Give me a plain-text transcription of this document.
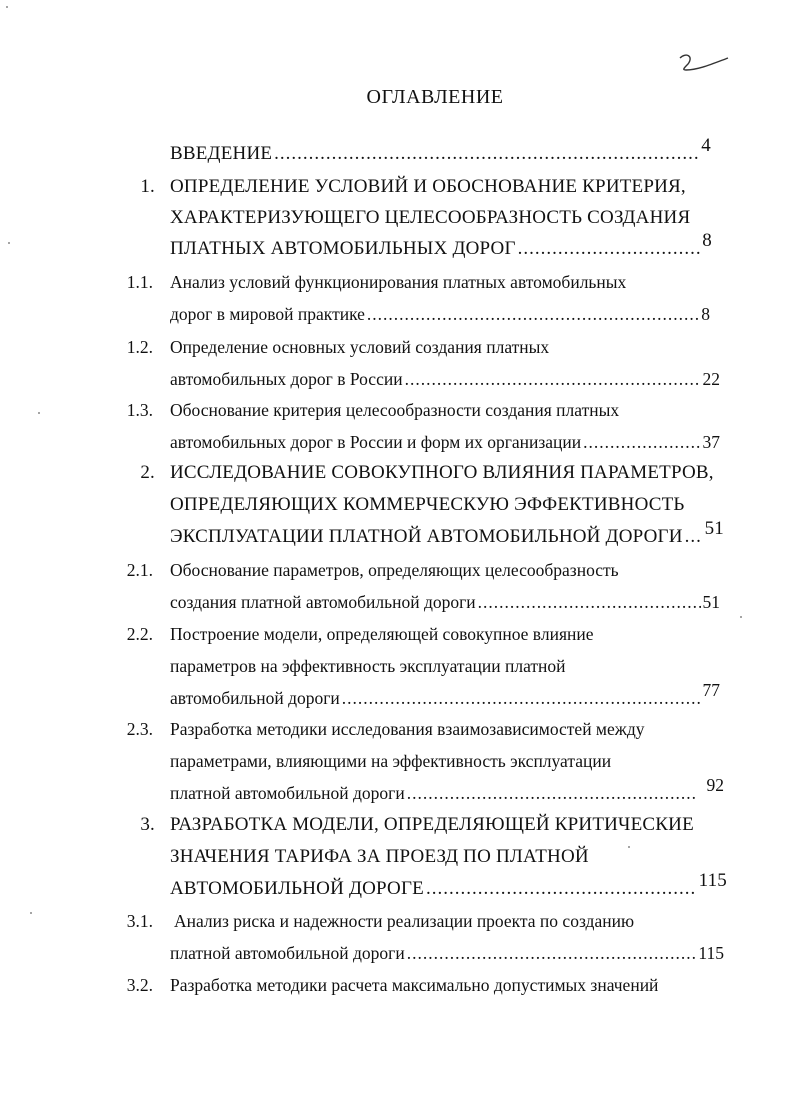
ОГЛАВЛЕНИЕ
ВВЕДЕНИЕ .....	4
1. ОПРЕДЕЛЕНИЕ УСЛОВИЙ И ОБОСНОВАНИЕ КРИТЕРИЯ,
ХАРАКТЕРИЗУЮЩЕГО ЦЕЛЕСООБРАЗНОСТЬ СОЗДАНИЯ
ПЛАТНЫХ АВТОМОБИЛЬНЫХ ДОРОГ .....	8
1.1. Анализ условий функционирования платных автомобильных
дорог в мировой практике .....	8
1.2. Определение основных условий создания платных
автомобильных дорог в России .....	22
1.3. Обоснование критерия целесообразности создания платных
автомобильных дорог в России и форм их организации .....	37
2. ИССЛЕДОВАНИЕ СОВОКУПНОГО ВЛИЯНИЯ ПАРАМЕТРОВ,
ОПРЕДЕЛЯЮЩИХ КОММЕРЧЕСКУЮ ЭФФЕКТИВНОСТЬ
ЭКСПЛУАТАЦИИ ПЛАТНОЙ АВТОМОБИЛЬНОЙ ДОРОГИ ..... 51
2.1. Обоснование параметров, определяющих целесообразность
создания платной автомобильной дороги .....	51
2.2. Построение модели, определяющей совокупное влияние
параметров на эффективность эксплуатации платной
автомобильной дороги .....	77
2.3. Разработка методики исследования взаимозависимостей между
параметрами, влияющими на эффективность эксплуатации
платной автомобильной дороги .....	92
3. РАЗРАБОТКА МОДЕЛИ, ОПРЕДЕЛЯЮЩЕЙ КРИТИЧЕСКИЕ
ЗНАЧЕНИЯ ТАРИФА ЗА ПРОЕЗД ПО ПЛАТНОЙ
АВТОМОБИЛЬНОЙ ДОРОГЕ .....	115
3.1. Анализ риска и надежности реализации проекта по созданию
платной автомобильной дороги .....	115
3.2. Разработка методики расчета максимально допустимых значений
